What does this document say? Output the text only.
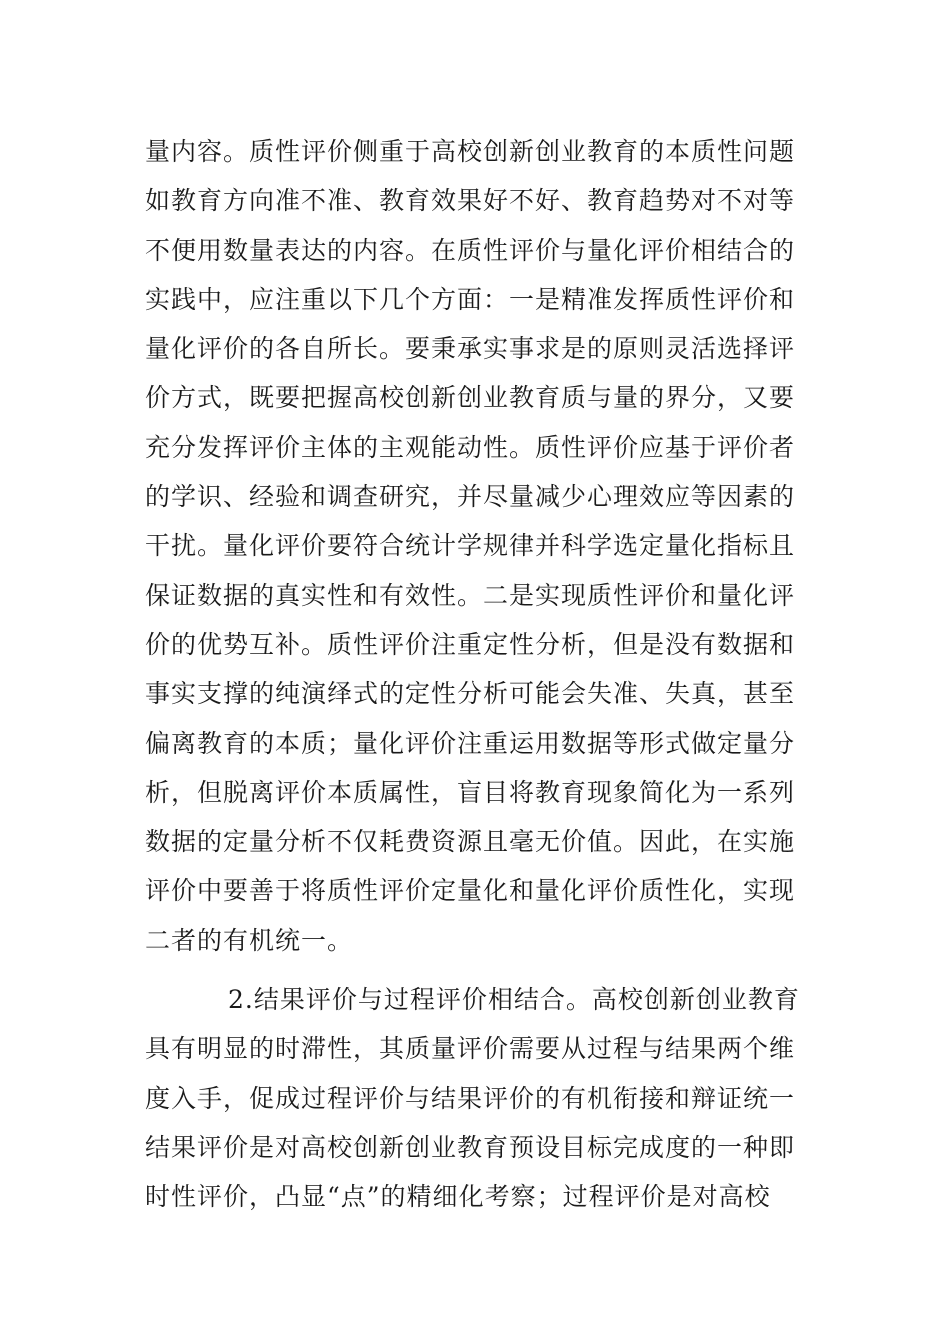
量内容。质性评价侧重于高校创新创业教育的本质性问题
如教育方向准不准、教育效果好不好、教育趋势对不对等
不便用数量表达的内容。在质性评价与量化评价相结合的
实践中，应注重以下几个方面：一是精准发挥质性评价和
量化评价的各自所长。要秉承实事求是的原则灵活选择评
价方式，既要把握高校创新创业教育质与量的界分，又要
充分发挥评价主体的主观能动性。质性评价应基于评价者
的学识、经验和调查研究，并尽量减少心理效应等因素的
干扰。量化评价要符合统计学规律并科学选定量化指标且
保证数据的真实性和有效性。二是实现质性评价和量化评
价的优势互补。质性评价注重定性分析，但是没有数据和
事实支撑的纯演绎式的定性分析可能会失准、失真，甚至
偏离教育的本质；量化评价注重运用数据等形式做定量分
析，但脱离评价本质属性，盲目将教育现象简化为一系列
数据的定量分析不仅耗费资源且毫无价值。因此，在实施
评价中要善于将质性评价定量化和量化评价质性化，实现
二者的有机统一。
2.结果评价与过程评价相结合。高校创新创业教育
具有明显的时滞性，其质量评价需要从过程与结果两个维
度入手，促成过程评价与结果评价的有机衔接和辩证统一
结果评价是对高校创新创业教育预设目标完成度的一种即
时性评价，凸显“点”的精细化考察；过程评价是对高校
